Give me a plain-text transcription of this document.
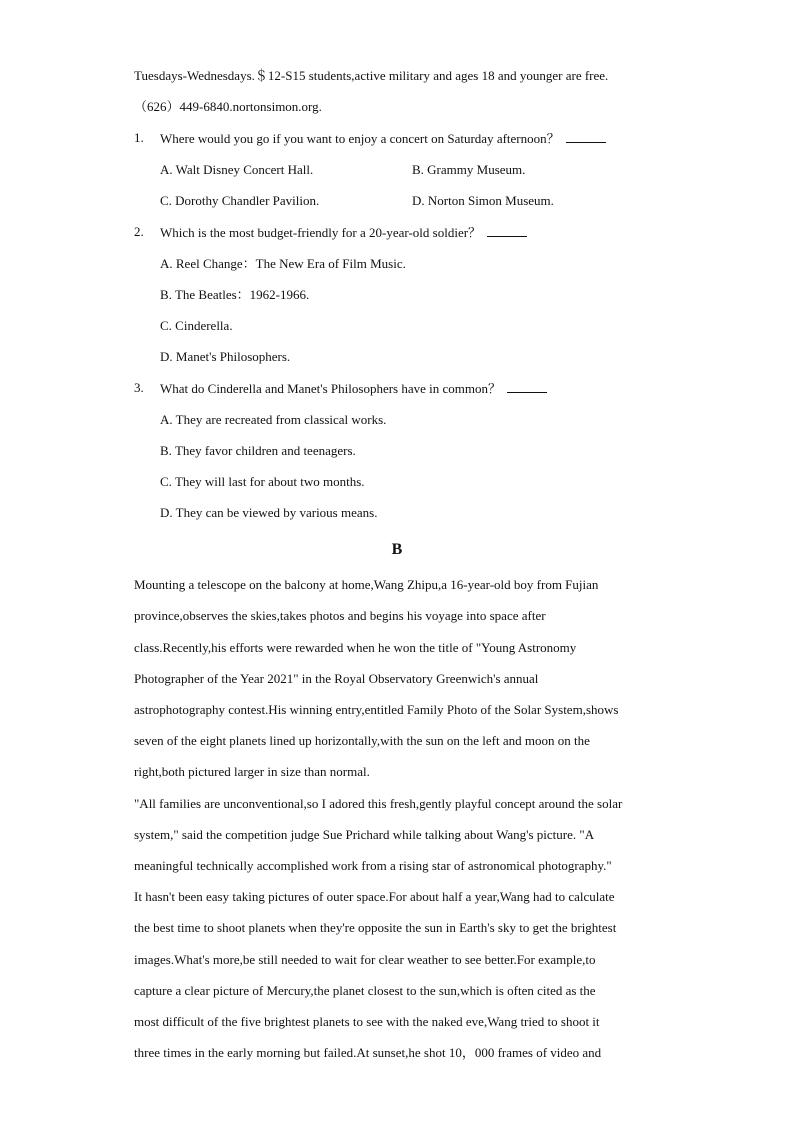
Tuesdays-Wednesdays.＄12-S15 students,active military and ages 18 and younger are free.
（626）449-6840.nortonsimon.org.
1. Where would you go if you want to enjoy a concert on Saturday afternoon？
A. Walt Disney Concert Hall.	B. Grammy Museum.
C. Dorothy Chandler Pavilion.	D. Norton Simon Museum.
2. Which is the most budget-friendly for a 20-year-old soldier？
A. Reel Change：The New Era of Film Music.
B. The Beatles：1962-1966.
C. Cinderella.
D. Manet's Philosophers.
3. What do Cinderella and Manet's Philosophers have in common？
A. They are recreated from classical works.
B. They favor children and teenagers.
C. They will last for about two months.
D. They can be viewed by various means.
B
Mounting a telescope on the balcony at home,Wang Zhipu,a 16-year-old boy from Fujian
province,observes the skies,takes photos and begins his voyage into space after
class.Recently,his efforts were rewarded when he won the title of "Young Astronomy
Photographer of the Year 2021" in the Royal Observatory Greenwich's annual
astrophotography contest.His winning entry,entitled Family Photo of the Solar System,shows
seven of the eight planets lined up horizontally,with the sun on the left and moon on the
right,both pictured larger in size than normal.
"All families are unconventional,so I adored this fresh,gently playful concept around the solar
system," said the competition judge Sue Prichard while talking about Wang's picture. "A
meaningful technically accomplished work from a rising star of astronomical photography."
It hasn't been easy taking pictures of outer space.For about half a year,Wang had to calculate
the best time to shoot planets when they're opposite the sun in Earth's sky to get the brightest
images.What's more,be still needed to wait for clear weather to see better.For example,to
capture a clear picture of Mercury,the planet closest to the sun,which is often cited as the
most difficult of the five brightest planets to see with the naked eve,Wang tried to shoot it
three times in the early morning but failed.At sunset,he shot 10，000 frames of video and
